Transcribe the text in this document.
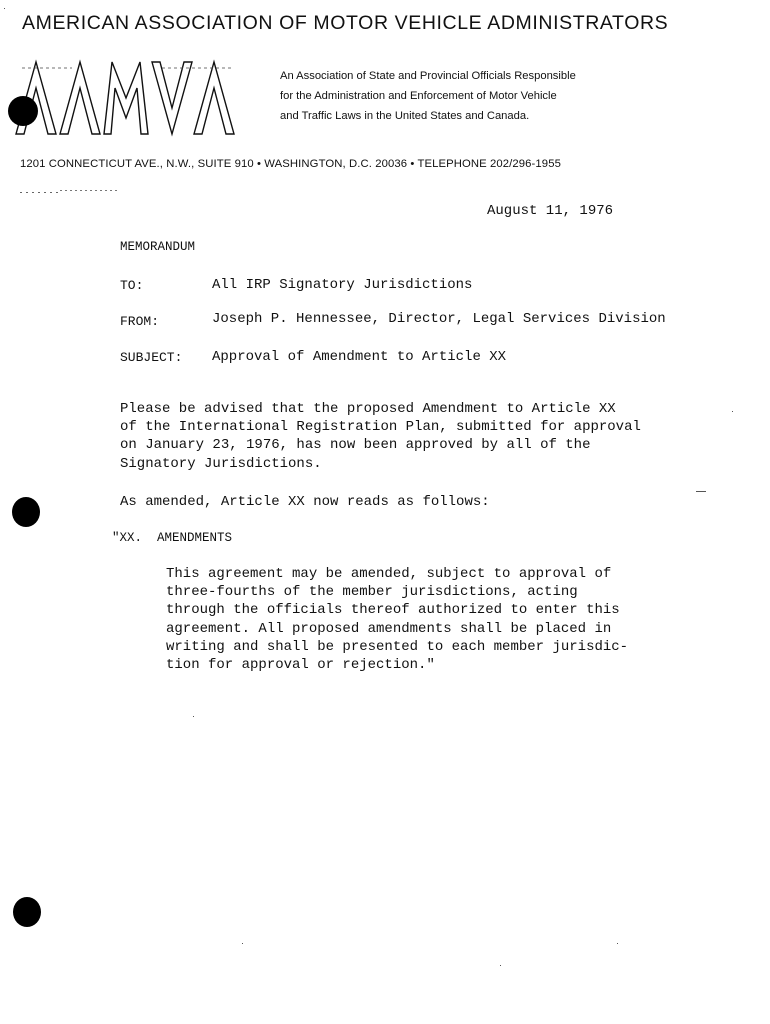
AMERICAN ASSOCIATION OF MOTOR VEHICLE ADMINISTRATORS
An Association of State and Provincial Officials Responsible
for the Administration and Enforcement of Motor Vehicle
and Traffic Laws in the United States and Canada.
1201 CONNECTICUT AVE., N.W., SUITE 910 • WASHINGTON, D.C. 20036 • TELEPHONE 202/296-1955
August 11, 1976
MEMORANDUM
TO:	All IRP Signatory Jurisdictions
FROM:	Joseph P. Hennessee, Director, Legal Services Division
SUBJECT: Approval of Amendment to Article XX
Please be advised that the proposed Amendment to Article XX
of the International Registration Plan, submitted for approval
on January 23, 1976, has now been approved by all of the
Signatory Jurisdictions.
As amended, Article XX now reads as follows:
"XX.  AMENDMENTS
This agreement may be amended, subject to approval of
three-fourths of the member jurisdictions, acting
through the officials thereof authorized to enter this
agreement. All proposed amendments shall be placed in
writing and shall be presented to each member jurisdic-
tion for approval or rejection."
